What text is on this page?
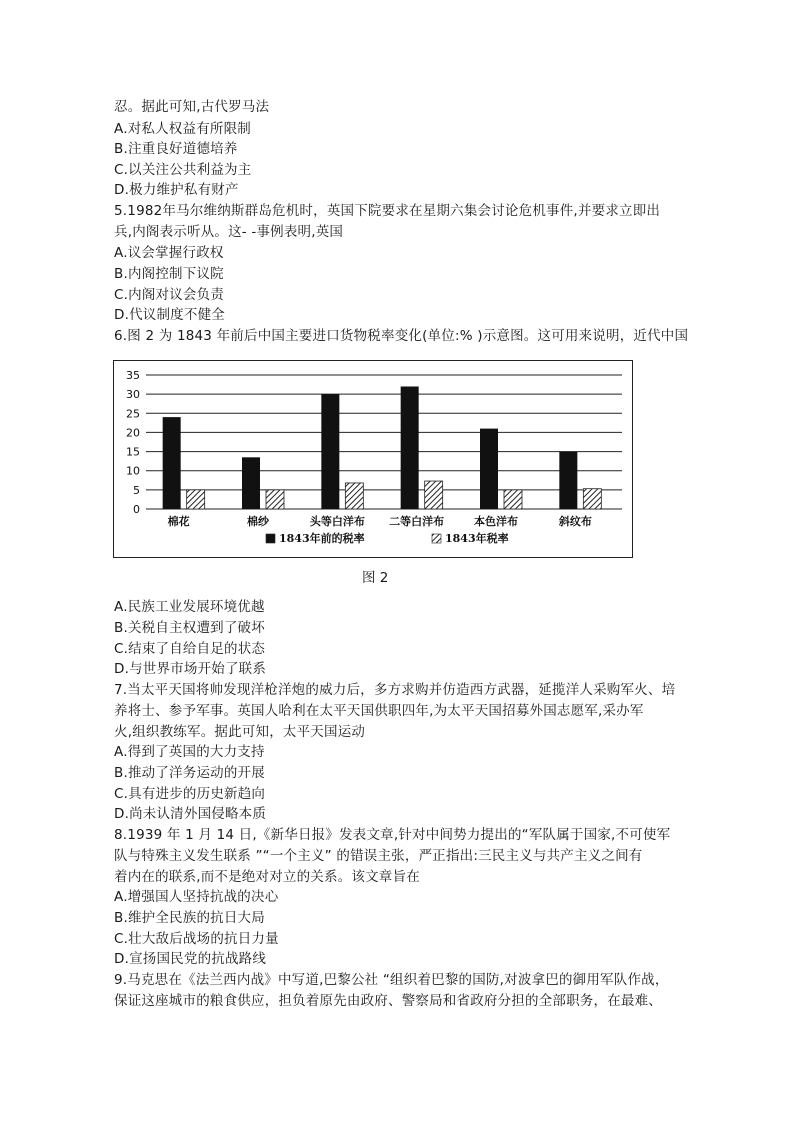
忍。据此可知,古代罗马法
A.对私人权益有所限制
B.注重良好道德培养
C.以关注公共利益为主
D.极力维护私有财产
5.1982年马尔维纳斯群岛危机时，英国下院要求在星期六集会讨论危机事件,并要求立即出
兵,内阁表示听从。这- -事例表明,英国
A.议会掌握行政权
B.内阁控制下议院
C.内阁对议会负责
D.代议制度不健全
6.图 2 为 1843 年前后中国主要进口货物税率变化(单位:% )示意图。这可用来说明，近代中国
0
5
10
15
20
25
30
35
棉花	棉纱	头等白洋布 二等白洋布	本色洋布	斜纹布
1843年前的税率	1843年税率
图 2
A.民族工业发展环境优越
B.关税自主权遭到了破坏
C.结束了自给自足的状态
D.与世界市场开始了联系
7.当太平天国将帅发现洋枪洋炮的威力后，多方求购并仿造西方武器，延揽洋人采购军火、培
养将士、参予军事。英国人哈利在太平天国供职四年,为太平天国招募外国志愿军,采办军
火,组织教练军。据此可知，太平天国运动
A.得到了英国的大力支持
B.推动了洋务运动的开展
C.具有进步的历史新趋向
D.尚未认清外国侵略本质
8.1939 年 1 月 14 日,《新华日报》发表文章,针对中间势力提出的“军队属于国家,不可使军
队与特殊主义发生联系 ”“一个主义” 的错误主张，严正指出:三民主义与共产主义之间有
着内在的联系,而不是绝对对立的关系。该文章旨在
A.增强国人坚持抗战的决心
B.维护全民族的抗日大局
C.壮大敌后战场的抗日力量
D.宣扬国民党的抗战路线
9.马克思在《法兰西内战》中写道,巴黎公社 “组织着巴黎的国防,对波拿巴的御用军队作战，
保证这座城市的粮食供应，担负着原先由政府、警察局和省政府分担的全部职务，在最难、
